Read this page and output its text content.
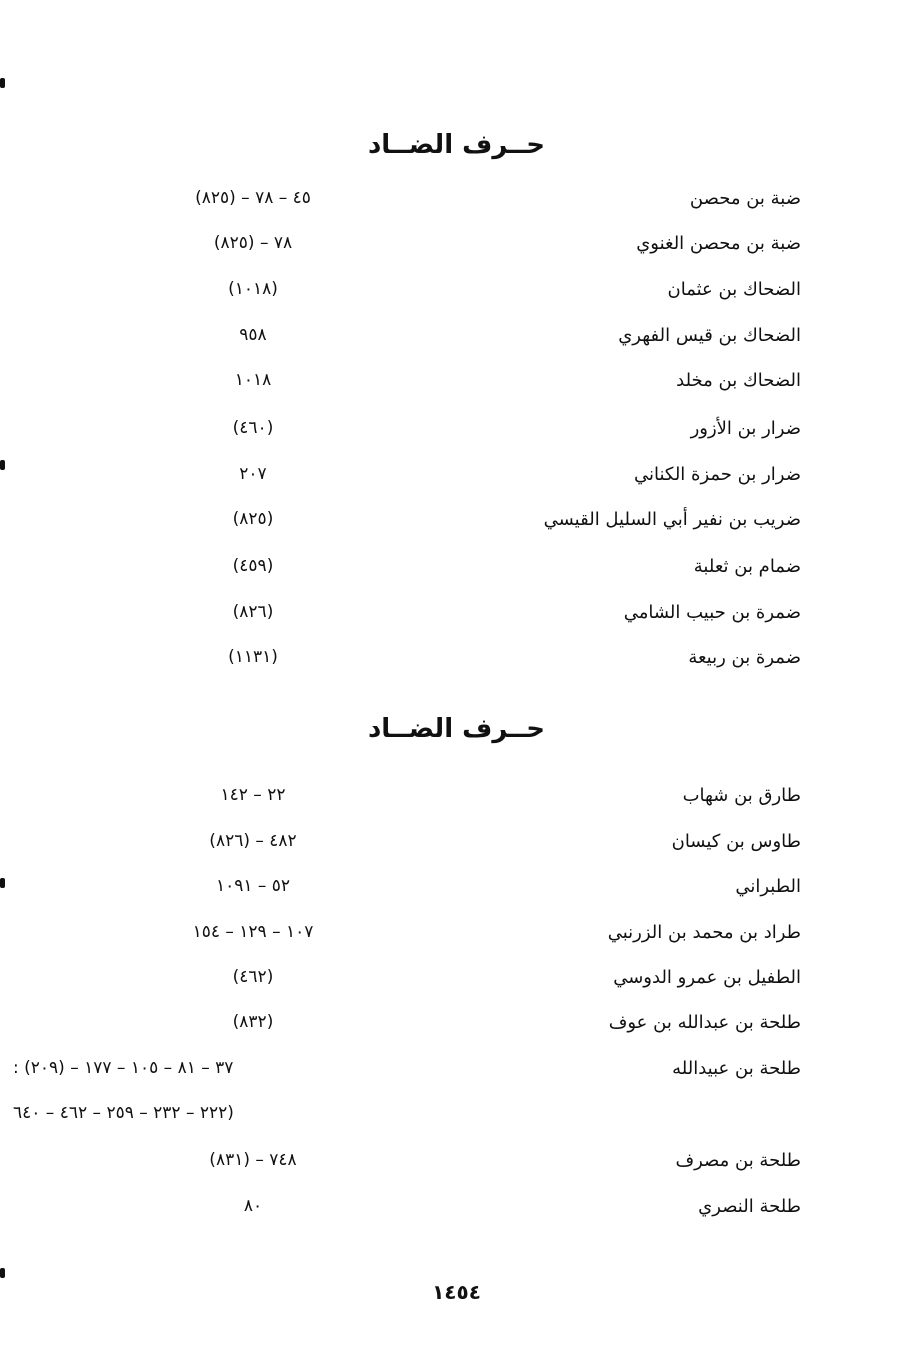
حــرف الضــاد
ضبة بن محصن
٤٥ – ٧٨ – (٨٢٥)
ضبة بن محصن الغنوي
٧٨ – (٨٢٥)
الضحاك بن عثمان
(١٠١٨)
الضحاك بن قيس الفهري
٩٥٨
الضحاك بن مخلد
١٠١٨
ضرار بن الأزور
(٤٦٠)
ضرار بن حمزة الكناني
٢٠٧
ضريب بن نفير أبي السليل القيسي
(٨٢٥)
ضمام بن ثعلبة
(٤٥٩)
ضمرة بن حبيب الشامي
(٨٢٦)
ضمرة بن ربيعة
(١١٣١)
حــرف الضــاد
طارق بن شهاب
٢٢ – ١٤٢
طاوس بن كيسان
٤٨٢ – (٨٢٦)
الطبراني
٥٢ – ١٠٩١
طراد بن محمد بن الزرنبي
١٠٧ – ١٢٩ – ١٥٤
الطفيل بن عمرو الدوسي
(٤٦٢)
طلحة بن عبدالله بن عوف
(٨٣٢)
طلحة بن عبيدالله
٣٧ – ٨١ – ١٠٥ – ١٧٧ – (٢٠٩) :
(٢٢٢ – ٢٣٢ – ٢٥٩ – ٤٦٢ – ٦٤٠
طلحة بن مصرف
٧٤٨ – (٨٣١)
طلحة النصري
٨٠
١٤٥٤
